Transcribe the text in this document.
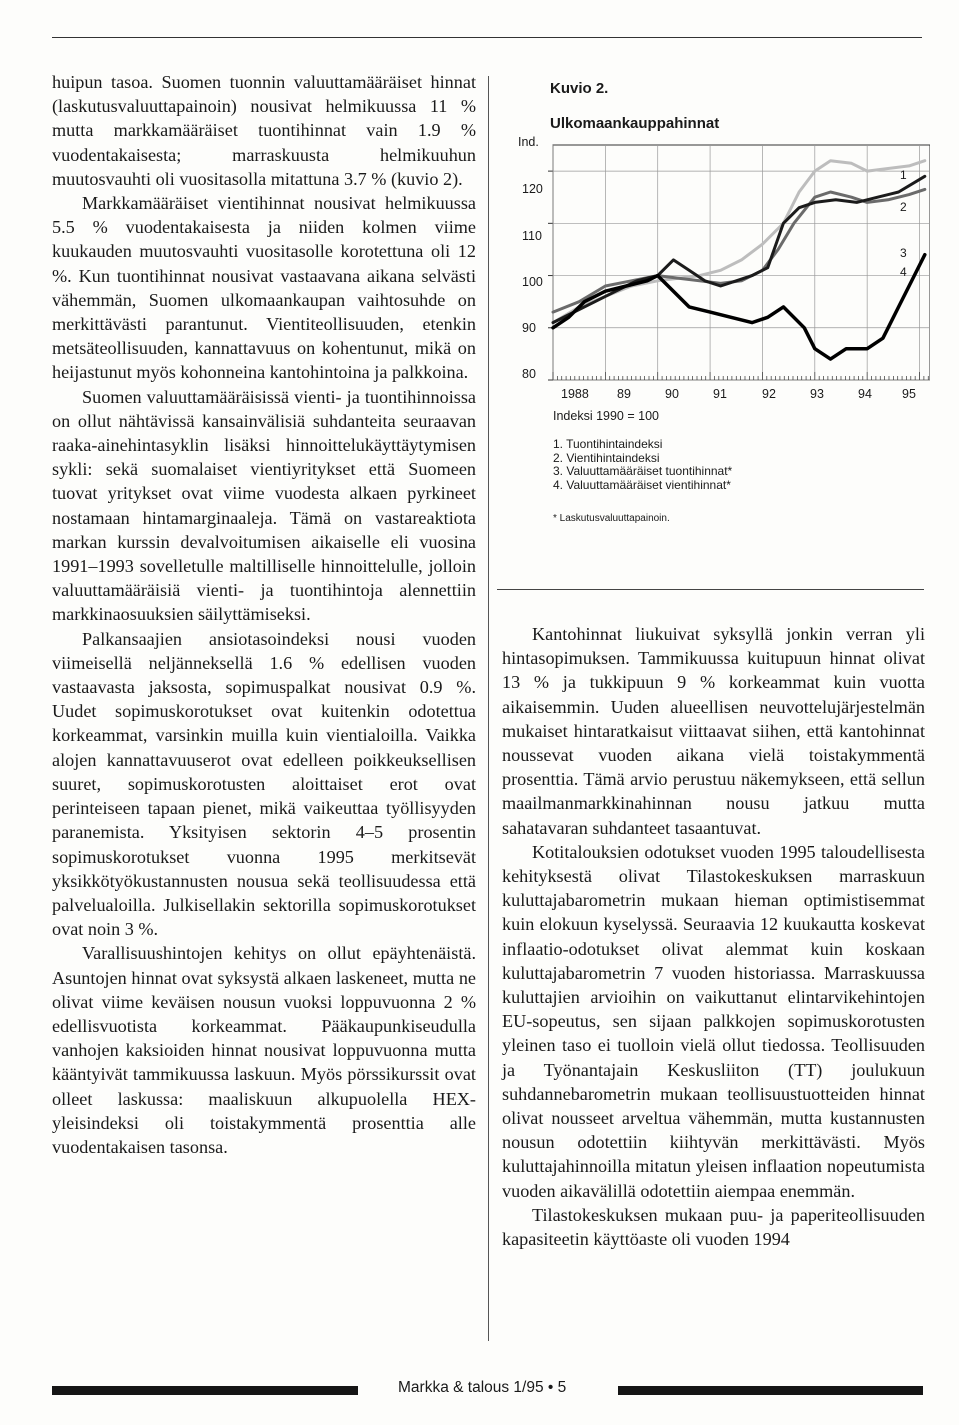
huipun tasoa. Suomen tuonnin valuuttamääräiset hinnat (laskutusvaluuttapainoin) nousivat helmikuussa 11 % mutta markkamääräiset tuontihinnat vain 1.9 % vuodentakaisesta; marraskuusta helmikuuhun muutosvauhti oli vuositasolla mitattuna 3.7 % (kuvio 2).

Markkamääräiset vientihinnat nousivat helmikuussa 5.5 % vuodentakaisesta ja niiden kolmen viime kuukauden muutosvauhti vuositasolle korotettuna oli 12 %. Kun tuontihinnat nousivat vastaavana aikana selvästi vähemmän, Suomen ulkomaankaupan vaihtosuhde on merkittävästi parantunut. Vientiteollisuuden, etenkin metsäteollisuuden, kannattavuus on kohentunut, mikä on heijastunut myös kohonneina kantohintoina ja palkkoina.

Suomen valuuttamääräisissä vienti- ja tuontihinnoissa on ollut nähtävissä kansainvälisiä suhdanteita seuraavan raaka-ainehintasyklin lisäksi hinnoittelukäyttäytymisen sykli: sekä suomalaiset vientiyritykset että Suomeen tuovat yritykset ovat viime vuodesta alkaen pyrkineet nostamaan hintamarginaaleja. Tämä on vastareaktiota markan kurssin devalvoitumisen aikaiselle eli vuosina 1991–1993 sovelletulle maltilliselle hinnoittelulle, jolloin valuuttamääräisiä vienti- ja tuontihintoja alennettiin markkinaosuuksien säilyttämiseksi.

Palkansaajien ansiotasoindeksi nousi vuoden viimeisellä neljänneksellä 1.6 % edellisen vuoden vastaavasta jaksosta, sopimuspalkat nousivat 0.9 %. Uudet sopimuskorotukset ovat kuitenkin odotettua korkeammat, varsinkin muilla kuin vientialoilla. Vaikka alojen kannattavuuserot ovat edelleen poikkeuksellisen suuret, sopimuskorotusten aloittaiset erot ovat perinteiseen tapaan pienet, mikä vaikeuttaa työllisyyden paranemista. Yksityisen sektorin 4–5 prosentin sopimuskorotukset vuonna 1995 merkitsevät yksikkötyökustannusten nousua sekä teollisuudessa että palvelualoilla. Julkisellakin sektorilla sopimuskorotukset ovat noin 3 %.

Varallisuushintojen kehitys on ollut epäyhtenäistä. Asuntojen hinnat ovat syksystä alkaen laskeneet, mutta ne olivat viime keväisen nousun vuoksi loppuvuonna 2 % edellisvuotista korkeammat. Pääkaupunkiseudulla vanhojen kaksioiden hinnat nousivat loppuvuonna mutta kääntyivät tammikuussa laskuun. Myös pörssikurssit ovat olleet laskussa: maaliskuun alkupuolella HEX-yleisindeksi oli toistakymmentä prosenttia alle vuodentakaisen tasonsa.

Kuvio 2.
Ulkomaankauppahinnat
Ind.
80
90
100
110
120
1988 89	90	91	92	93	94 95
1
2
3
4
Indeksi 1990 = 100
1. Tuontihintaindeksi
2. Vientihintaindeksi
3. Valuuttamääräiset tuontihinnat*
4. Valuuttamääräiset vientihinnat*
* Laskutusvaluuttapainoin.

Kantohinnat liukuivat syksyllä jonkin verran yli hintasopimuksen. Tammikuussa kuitupuun hinnat olivat 13 % ja tukkipuun 9 % korkeammat kuin vuotta aikaisemmin. Uuden alueellisen neuvottelujärjestelmän mukaiset hintaratkaisut viittaavat siihen, että kantohinnat noussevat vuoden aikana vielä toistakymmentä prosenttia. Tämä arvio perustuu näkemykseen, että sellun maailmanmarkkinahinnan nousu jatkuu mutta sahatavaran suhdanteet tasaantuvat.

Kotitalouksien odotukset vuoden 1995 taloudellisesta kehityksestä olivat Tilastokeskuksen marraskuun kuluttajabarometrin mukaan hieman optimistisemmat kuin elokuun kyselyssä. Seuraavia 12 kuukautta koskevat inflaatio-odotukset olivat alemmat kuin koskaan kuluttajabarometrin 7 vuoden historiassa. Marraskuussa kuluttajien arvioihin on vaikuttanut elintarvikehintojen EU-sopeutus, sen sijaan palkkojen sopimuskorotusten yleinen taso ei tuolloin vielä ollut tiedossa. Teollisuuden ja Työnantajain Keskusliiton (TT) joulukuun suhdannebarometrin mukaan teollisuustuotteiden hinnat olivat nousseet arveltua vähemmän, mutta kustannusten nousun odotettiin kiihtyvän merkittävästi. Myös kuluttajahinnoilla mitatun yleisen inflaation nopeutumista vuoden aikavälillä odotettiin aiempaa enemmän.

Tilastokeskuksen mukaan puu- ja paperiteollisuuden kapasiteetin käyttöaste oli vuoden 1994

Markka & talous 1/95 • 5
